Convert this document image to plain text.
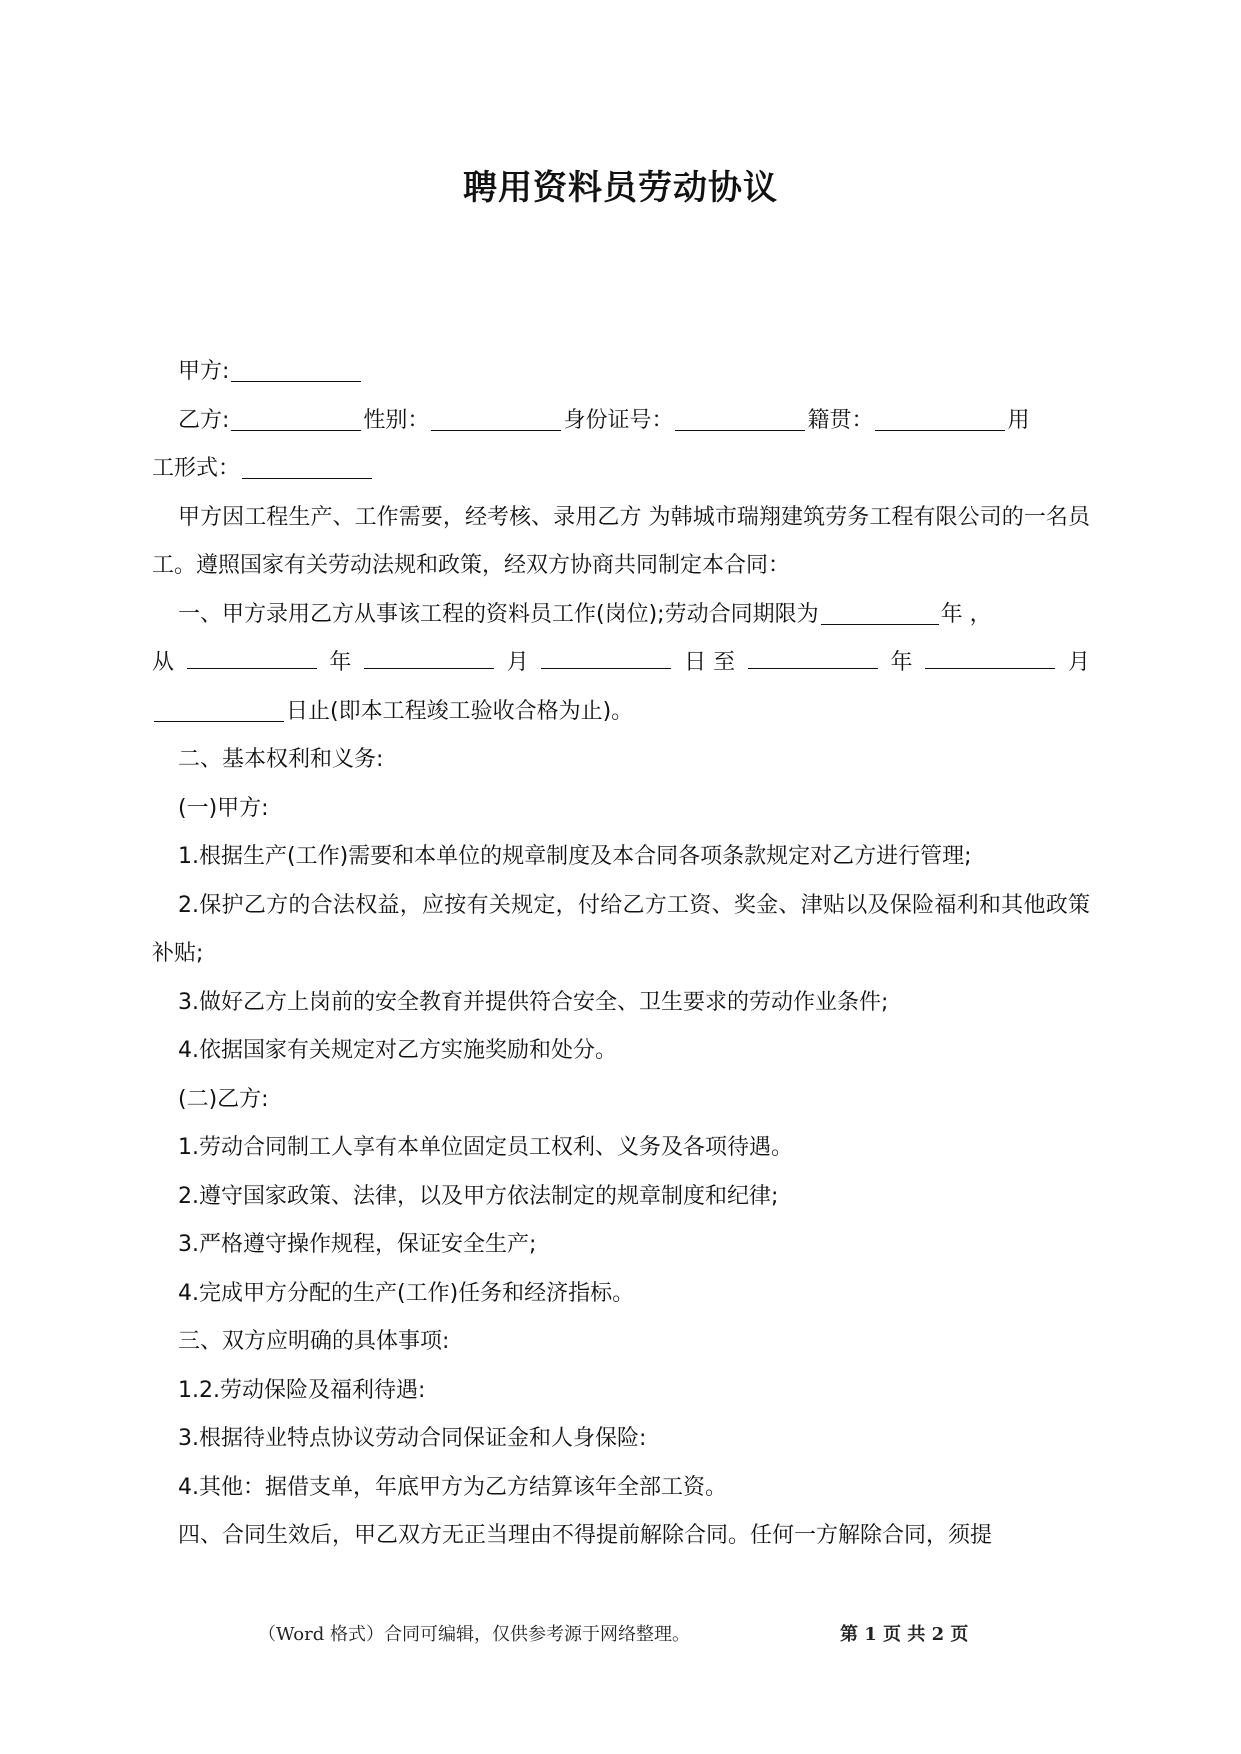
聘用资料员劳动协议

甲方:

乙方:	性别：	身份证号：	籍贯：	用

工形式：

甲方因工程生产、工作需要，经考核、录用乙方 为韩城市瑞翔建筑劳务工程有限公司的一名员工。遵照国家有关劳动法规和政策，经双方协商共同制定本合同：

一、甲方录用乙方从事该工程的资料员工作(岗位);劳动合同期限为	年 ，

从	年	月	日 至	年	月

日止(即本工程竣工验收合格为止)。

二、基本权利和义务:

(一)甲方:

1.根据生产(工作)需要和本单位的规章制度及本合同各项条款规定对乙方进行管理;

2.保护乙方的合法权益，应按有关规定，付给乙方工资、奖金、津贴以及保险福利和其他政策补贴;

3.做好乙方上岗前的安全教育并提供符合安全、卫生要求的劳动作业条件;

4.依据国家有关规定对乙方实施奖励和处分。

(二)乙方:

1.劳动合同制工人享有本单位固定员工权利、义务及各项待遇。

2.遵守国家政策、法律，以及甲方依法制定的规章制度和纪律;

3.严格遵守操作规程，保证安全生产;

4.完成甲方分配的生产(工作)任务和经济指标。

三、双方应明确的具体事项:

1.2.劳动保险及福利待遇:

3.根据待业特点协议劳动合同保证金和人身保险:

4.其他：据借支单，年底甲方为乙方结算该年全部工资。

四、合同生效后，甲乙双方无正当理由不得提前解除合同。任何一方解除合同，须提

（Word 格式）合同可编辑，仅供参考源于网络整理。	第 1 页 共 2 页
